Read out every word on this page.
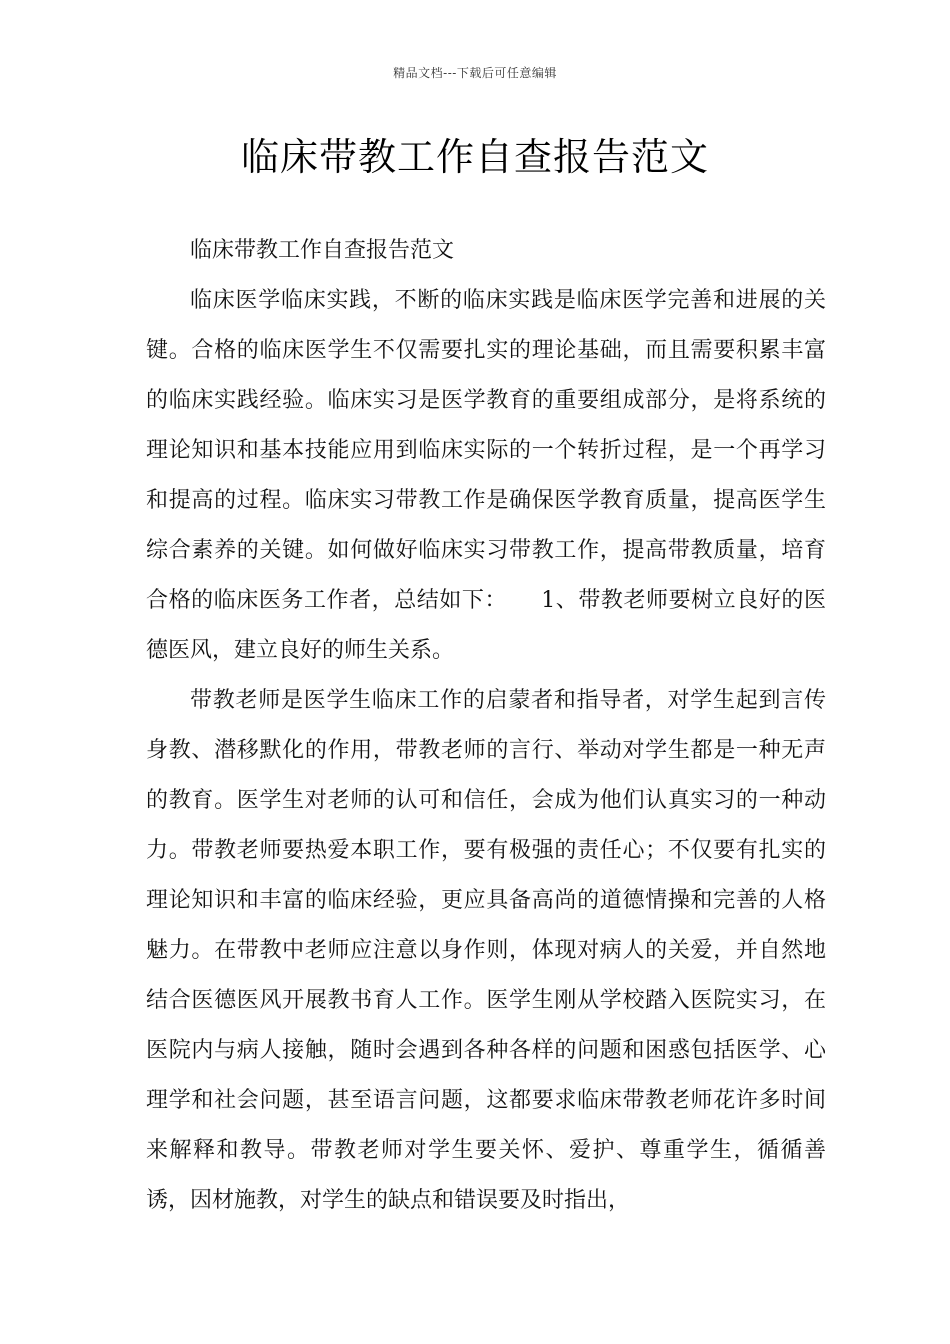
精品文档---下载后可任意编辑
临床带教工作自查报告范文

临床带教工作自查报告范文

临床医学临床实践，不断的临床实践是临床医学完善和进展的关键。合格的临床医学生不仅需要扎实的理论基础，而且需要积累丰富的临床实践经验。临床实习是医学教育的重要组成部分，是将系统的理论知识和基本技能应用到临床实际的一个转折过程，是一个再学习和提高的过程。临床实习带教工作是确保医学教育质量，提高医学生综合素养的关键。如何做好临床实习带教工作，提高带教质量，培育合格的临床医务工作者，总结如下：　　1、带教老师要树立良好的医德医风，建立良好的师生关系。

带教老师是医学生临床工作的启蒙者和指导者，对学生起到言传身教、潜移默化的作用，带教老师的言行、举动对学生都是一种无声的教育。医学生对老师的认可和信任，会成为他们认真实习的一种动力。带教老师要热爱本职工作，要有极强的责任心；不仅要有扎实的理论知识和丰富的临床经验，更应具备高尚的道德情操和完善的人格魅力。在带教中老师应注意以身作则，体现对病人的关爱，并自然地结合医德医风开展教书育人工作。医学生刚从学校踏入医院实习，在医院内与病人接触，随时会遇到各种各样的问题和困惑包括医学、心理学和社会问题，甚至语言问题，这都要求临床带教老师花许多时间来解释和教导。带教老师对学生要关怀、爱护、尊重学生，循循善诱，因材施教，对学生的缺点和错误要及时指出，
